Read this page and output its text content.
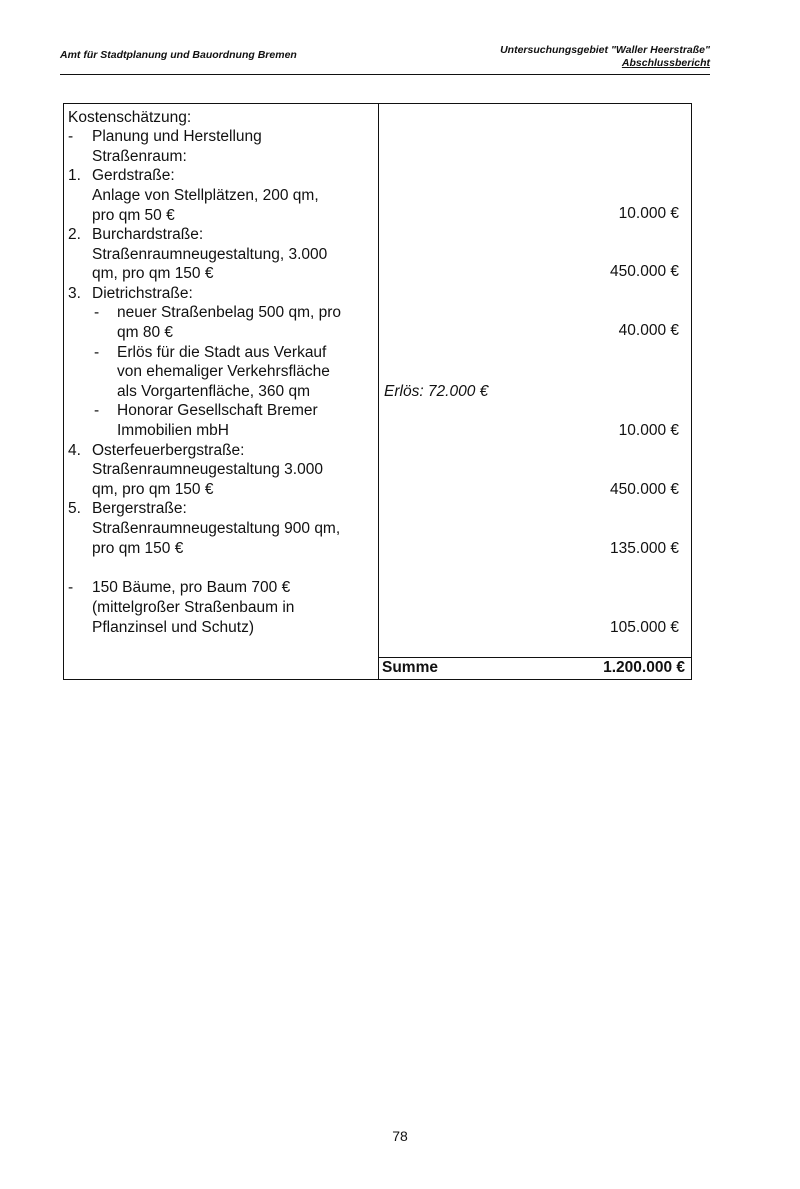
Amt für Stadtplanung und Bauordnung Bremen	Untersuchungsgebiet "Waller Heerstraße"
Abschlussbericht
Kostenschätzung:
- Planung und Herstellung
Straßenraum:
1. Gerdstraße:
Anlage von Stellplätzen, 200 qm,
pro qm 50 €
2. Burchardstraße:
Straßenraumneugestaltung, 3.000
qm, pro qm 150 €
3. Dietrichstraße:
- neuer Straßenbelag 500 qm, pro
qm 80 €
- Erlös für die Stadt aus Verkauf
von ehemaliger Verkehrsfläche
als Vorgartenfläche, 360 qm
- Honorar Gesellschaft Bremer
Immobilien mbH
4. Osterfeuerbergstraße:
Straßenraumneugestaltung 3.000
qm, pro qm 150 €
5. Bergerstraße:
Straßenraumneugestaltung 900 qm,
pro qm 150 €
- 150 Bäume, pro Baum 700 €
(mittelgroßer Straßenbaum in
Pflanzinsel und Schutz)
Erlös: 72.000 €
10.000 €
450.000 €
40.000 €
10.000 €
450.000 €
135.000 €
105.000 €
Summe	1.200.000 €
78
